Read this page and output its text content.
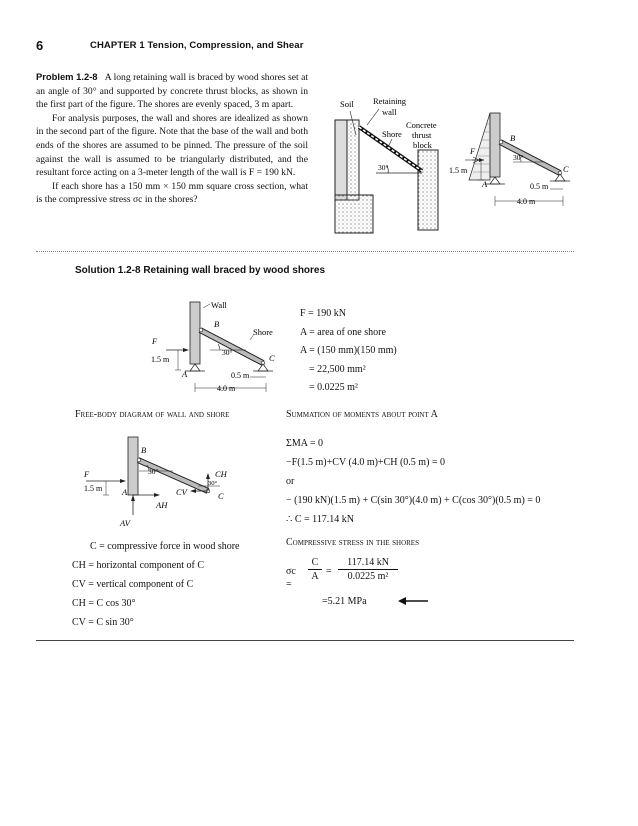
6	CHAPTER 1 Tension, Compression, and Shear

Problem 1.2-8 A long retaining wall is braced by wood shores set at an angle of 30° and supported by concrete thrust blocks, as shown in the first part of the figure. The shores are evenly spaced, 3 m apart.

For analysis purposes, the wall and shores are idealized as shown in the second part of the figure. Note that the base of the wall and both ends of the shores are assumed to be pinned. The pressure of the soil against the wall is assumed to be triangularly distributed, and the resultant force acting on a 3-meter length of the wall is F = 190 kN.

If each shore has a 150 mm × 150 mm square cross section, what is the compressive stress σc in the shores?

Soil Retaining
wall
Shore
Concrete
thrust
block
30°
B
F
1.5 m
30°
A
C
0.5 m
4.0 m
Solution 1.2-8 Retaining wall braced by wood shores
Wall
B
Shore
F
1.5 m
30°
C
A	0.5 m
4.0 m
F = 190 kN
A = area of one shore
A = (150 mm)(150 mm)
= 22,500 mm²
= 0.0225 m²
Free-body diagram of wall and shore
B
F
1.5 m A
30°
30°
CH
CV	C
AH
AV
C = compressive force in wood shore
CH = horizontal component of C
CV = vertical component of C
CH = C cos 30°
CV = C sin 30°
Summation of moments about point A
ΣMA = 0
−F(1.5 m)+CV (4.0 m)+CH (0.5 m) = 0
or
− (190 kN)(1.5 m) + C(sin 30°)(4.0 m) + C(cos 30°)(0.5 m) = 0
∴ C = 117.14 kN
Compressive stress in the shores
σc =
$\frac{C}{A} = \frac{117.14 kN}{\text{0.0225 m²}}$
=5.21 MPa
